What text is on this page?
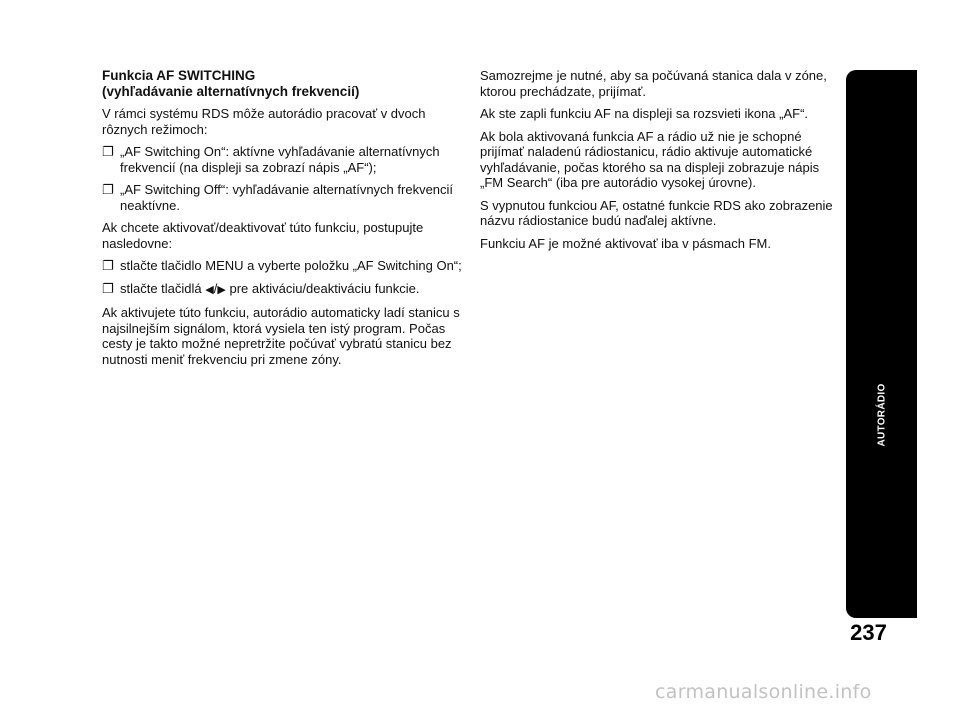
Funkcia AF SWITCHING
(vyhľadávanie alternatívnych frekvencií)
V rámci systému RDS môže autorádio pracovať v dvoch rôznych režimoch:
❐ „AF Switching On“: aktívne vyhľadávanie alternatívnych frekvencií (na displeji sa zobrazí nápis „AF“);
❐ „AF Switching Off“: vyhľadávanie alternatívnych frekvencií neaktívne.
Ak chcete aktivovať/deaktivovať túto funkciu, postupujte nasledovne:
❐ stlačte tlačidlo MENU a vyberte položku „AF Switching On“;
❐ stlačte tlačidlá ◀/▶ pre aktiváciu/deaktiváciu funkcie.
Ak aktivujete túto funkciu, autorádio automaticky ladí stanicu s najsilnejším signálom, ktorá vysiela ten istý program. Počas cesty je takto možné nepretržite počúvať vybratú stanicu bez nutnosti meniť frekvenciu pri zmene zóny.
Samozrejme je nutné, aby sa počúvaná stanica dala v zóne, ktorou prechádzate, prijímať.
Ak ste zapli funkciu AF na displeji sa rozsvieti ikona „AF“.
Ak bola aktivovaná funkcia AF a rádio už nie je schopné prijímať naladenú rádiostanicu, rádio aktivuje automatické vyhľadávanie, počas ktorého sa na displeji zobrazuje nápis „FM Search“ (iba pre autorádio vysokej úrovne).
S vypnutou funkciou AF, ostatné funkcie RDS ako zobrazenie názvu rádiostanice budú naďalej aktívne.
Funkciu AF je možné aktivovať iba v pásmach FM.
AUTORÁDIO
237
carmanualsonline.info
